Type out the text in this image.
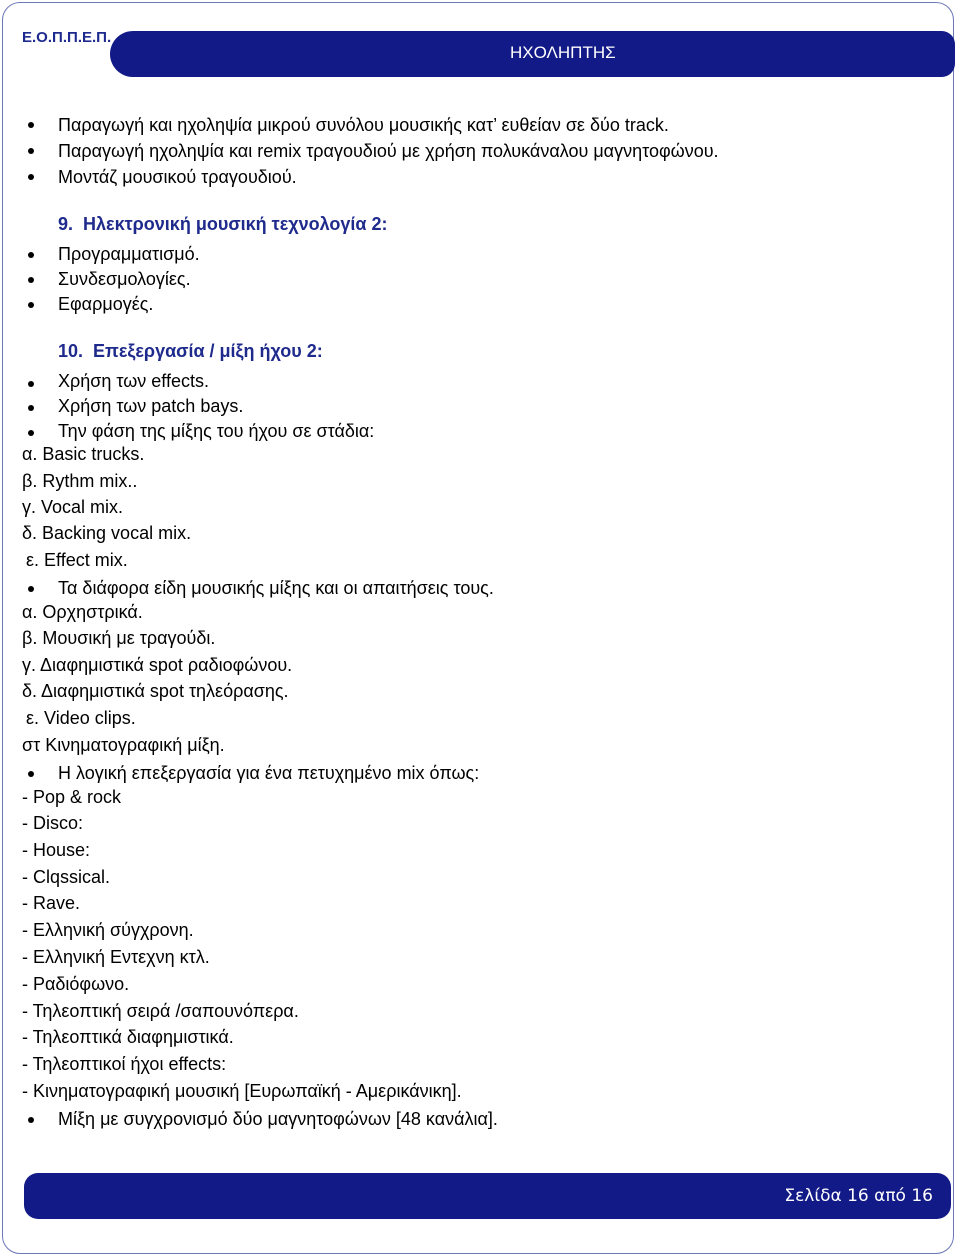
Ε.Ο.Π.Π.Ε.Π.
ΗΧΟΛΗΠΤΗΣ
Παραγωγή και ηχοληψία μικρού συνόλου μουσικής κατ’ ευθείαν σε δύο track.
Παραγωγή ηχοληψία και remix τραγουδιού με χρήση πολυκάναλου μαγνητοφώνου.
Μοντάζ μουσικού τραγουδιού.
9. Ηλεκτρονική μουσική τεχνολογία 2:
Προγραμματισμό.
Συνδεσμολογίες.
Εφαρμογές.
10. Επεξεργασία / μίξη ήχου 2:
Χρήση των effects.
Χρήση των patch bays.
Την φάση της μίξης του ήχου σε στάδια:
α. Basic trucks.
β. Rythm mix..
γ. Vocal mix.
δ. Backing vocal mix.
ε. Effect mix.
Τα διάφορα είδη μουσικής μίξης και οι απαιτήσεις τους.
α. Ορχηστρικά.
β. Μουσική με τραγούδι.
γ. Διαφημιστικά spot ραδιοφώνου.
δ. Διαφημιστικά spot τηλεόρασης.
ε. Video clips.
στ Κινηματογραφική μίξη.
Η λογική επεξεργασία για ένα πετυχημένο mix όπως:
- Pop & rock
- Disco:
- House:
- Clqssical.
- Rave.
- Ελληνική σύγχρονη.
- Ελληνική Εντεχνη κτλ.
- Ραδιόφωνο.
- Τηλεοπτική σειρά /σαπουνόπερα.
- Τηλεοπτικά διαφημιστικά.
- Τηλεοπτικοί ήχοι effects:
- Κινηματογραφική μουσική [Ευρωπαϊκή - Αμερικάνικη].
Μίξη με συγχρονισμό δύο μαγνητοφώνων [48 κανάλια].
Σελίδα 16 από 16
